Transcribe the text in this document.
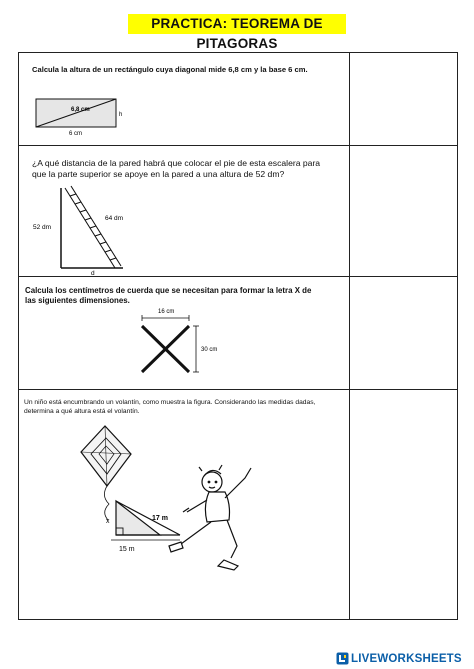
PRACTICA: TEOREMA DE PITAGORAS
Calcula la altura de un rectángulo cuya diagonal mide 6,8 cm y la base 6 cm.
6,8 cm
h
6 cm	

¿A qué distancia de la pared habrá que colocar el pie de esta escalera para
que la parte superior se apoye en la pared a una altura de 52 dm?
52 dm
64 dm
d	

Calcula los centímetros de cuerda que se necesitan para formar la letra X de
las siguientes dimensiones.
16 cm
30 cm	

Un niño está encumbrando un volantín, como muestra la figura. Considerando las medidas dadas,
determina a qué altura está el volantín.
17 m
x
15 m	

LIVEWORKSHEETS
